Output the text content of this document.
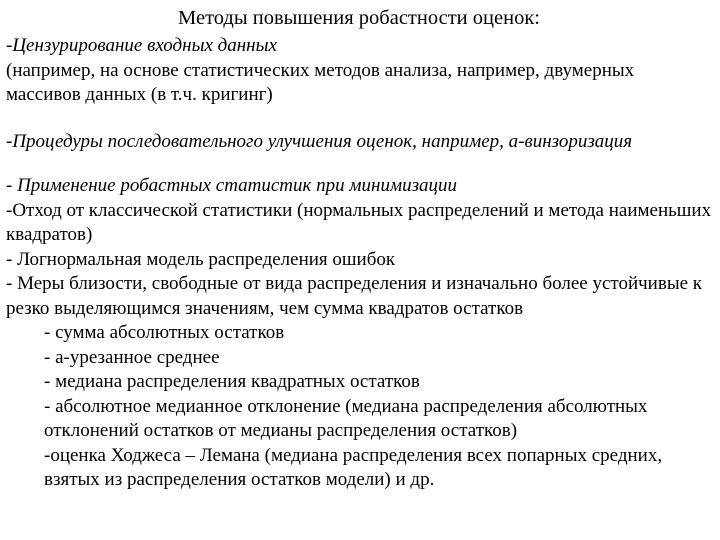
Методы повышения робастности оценок:

-Цензурирование входных данных

(например, на основе статистических методов анализа, например, двумерных массивов данных (в т.ч. кригинг)

-Процедуры последовательного улучшения оценок, например, а-винзоризация

- Применение робастных статистик при минимизации

-Отход от классической статистики (нормальных распределений и метода наименьших квадратов)

- Логнормальная модель распределения ошибок

- Меры близости, свободные от вида распределения и изначально более устойчивые к резко выделяющимся значениям, чем сумма квадратов остатков

- сумма абсолютных остатков

- а-урезанное среднее

- медиана распределения квадратных остатков

- абсолютное медианное отклонение (медиана распределения абсолютных отклонений остатков от медианы распределения остатков)

-оценка Ходжеса – Лемана (медиана распределения всех попарных средних, взятых из распределения остатков модели) и др.
